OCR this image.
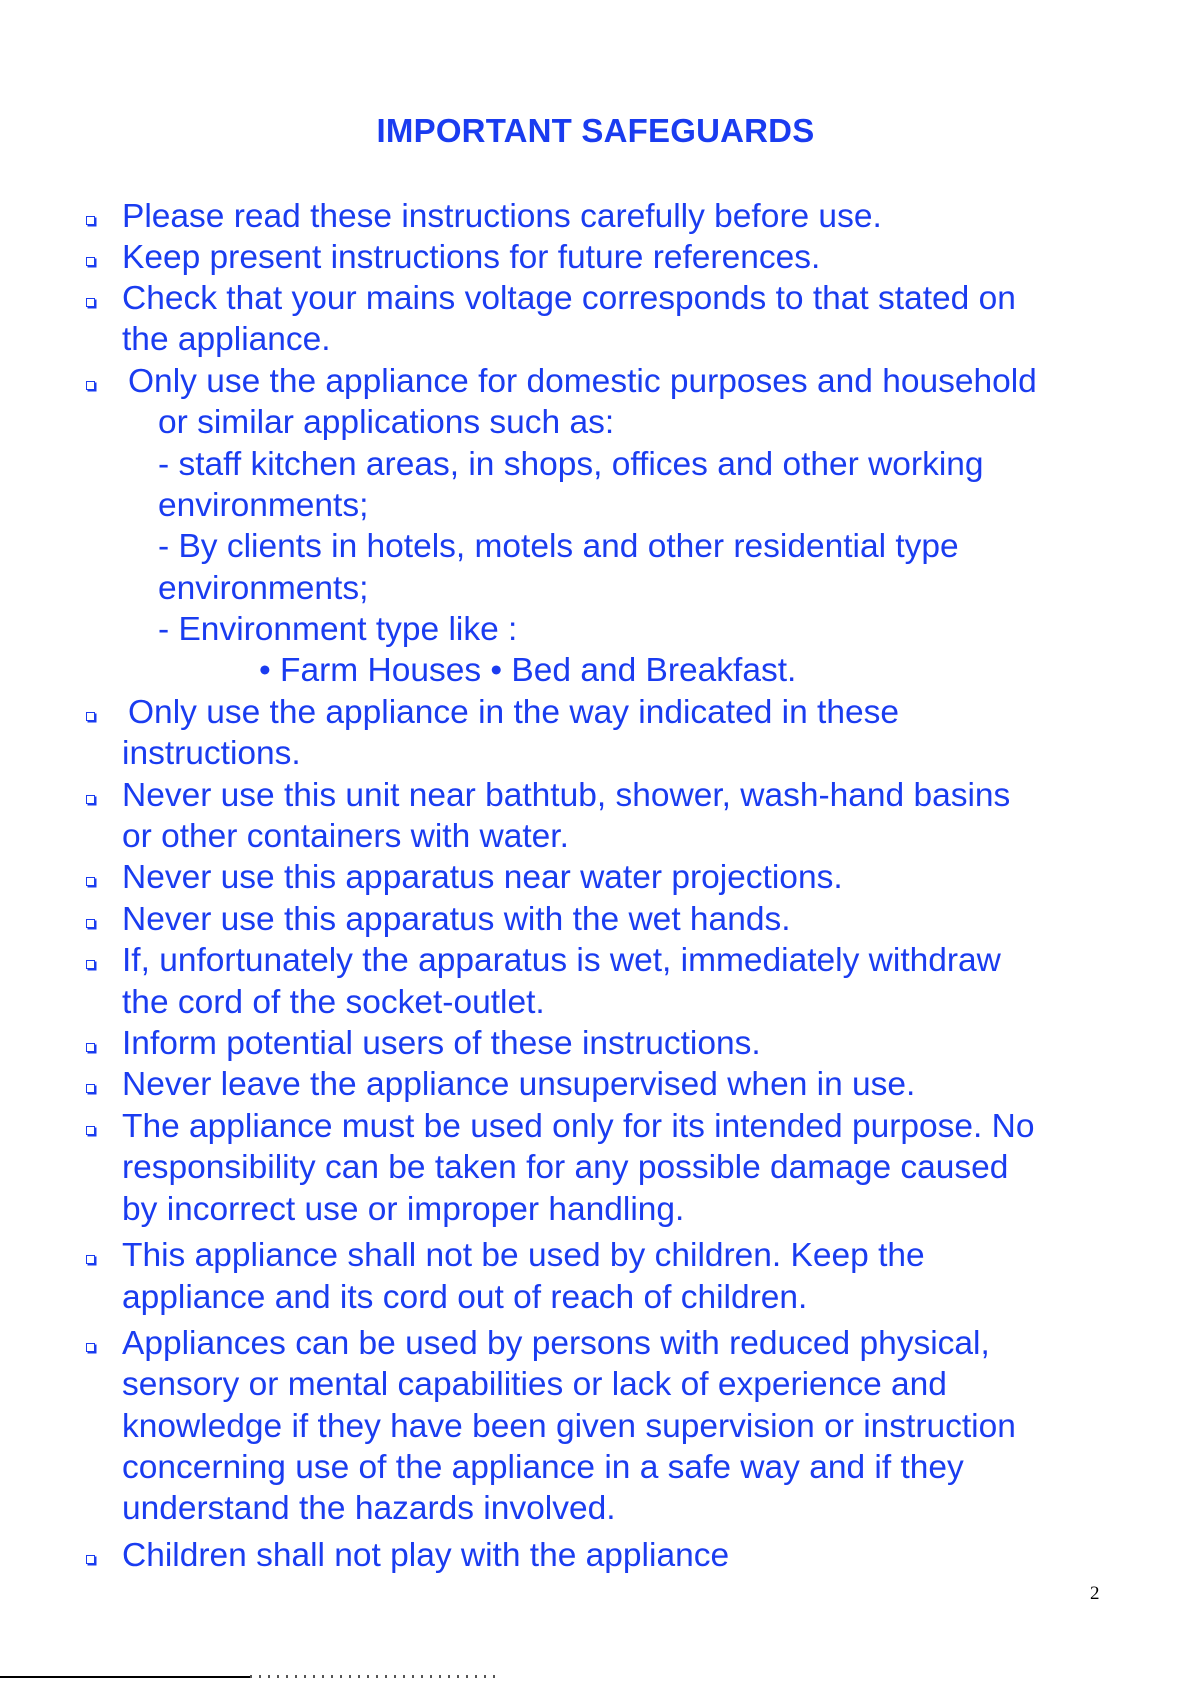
IMPORTANT SAFEGUARDS
Please read these instructions carefully before use.
Keep present instructions for future references.
Check that your mains voltage corresponds to that stated on
the appliance.
Only use the appliance for domestic purposes and household
or similar applications such as:
- staff kitchen areas, in shops, offices and other working
environments;
- By clients in hotels, motels and other residential type
environments;
- Environment type like :
• Farm Houses • Bed and Breakfast.
Only use the appliance in the way indicated in these
instructions.
Never use this unit near bathtub, shower, wash-hand basins
or other containers with water.
Never use this apparatus near water projections.
Never use this apparatus with the wet hands.
If, unfortunately the apparatus is wet, immediately withdraw
the cord of the socket-outlet.
Inform potential users of these instructions.
Never leave the appliance unsupervised when in use.
The appliance must be used only for its intended purpose. No
responsibility can be taken for any possible damage caused
by incorrect use or improper handling.
This appliance shall not be used by children. Keep the
appliance and its cord out of reach of children.
Appliances can be used by persons with reduced physical,
sensory or mental capabilities or lack of experience and
knowledge if they have been given supervision or instruction
concerning use of the appliance in a safe way and if they
understand the hazards involved.
Children shall not play with the appliance
2
